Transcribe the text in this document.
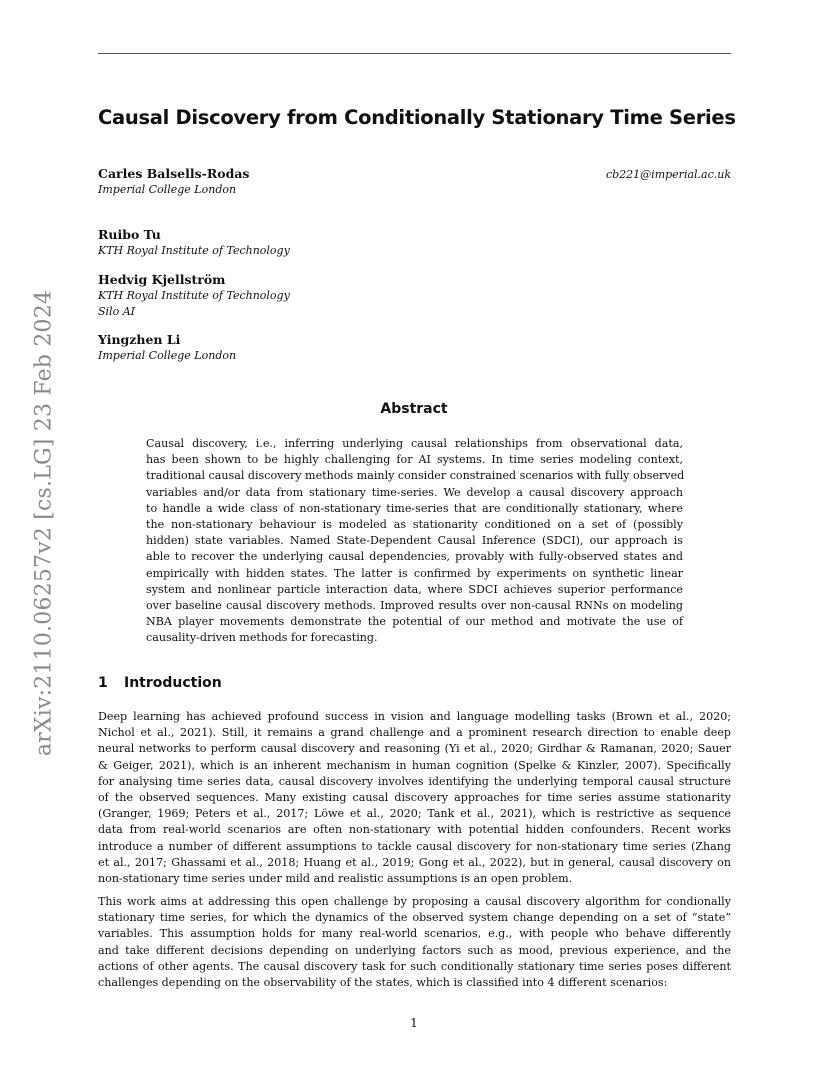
arXiv:2110.06257v2 [cs.LG] 23 Feb 2024
Causal Discovery from Conditionally Stationary Time Series
cb221@imperial.ac.uk
Carles Balsells-Rodas
Imperial College London
Ruibo Tu
KTH Royal Institute of Technology
Hedvig Kjellström
KTH Royal Institute of Technology
Silo AI
Yingzhen Li
Imperial College London
Abstract
Causal discovery, i.e., inferring underlying causal relationships from observational data,
has been shown to be highly challenging for AI systems. In time series modeling context,
traditional causal discovery methods mainly consider constrained scenarios with fully observed
variables and/or data from stationary time-series. We develop a causal discovery approach
to handle a wide class of non-stationary time-series that are conditionally stationary, where
the non-stationary behaviour is modeled as stationarity conditioned on a set of (possibly
hidden) state variables. Named State-Dependent Causal Inference (SDCI), our approach is
able to recover the underlying causal dependencies, provably with fully-observed states and
empirically with hidden states. The latter is confirmed by experiments on synthetic linear
system and nonlinear particle interaction data, where SDCI achieves superior performance
over baseline causal discovery methods. Improved results over non-causal RNNs on modeling
NBA player movements demonstrate the potential of our method and motivate the use of
causality-driven methods for forecasting.
1 Introduction
Deep learning has achieved profound success in vision and language modelling tasks (Brown et al., 2020;
Nichol et al., 2021). Still, it remains a grand challenge and a prominent research direction to enable deep
neural networks to perform causal discovery and reasoning (Yi et al., 2020; Girdhar & Ramanan, 2020; Sauer
& Geiger, 2021), which is an inherent mechanism in human cognition (Spelke & Kinzler, 2007). Specifically
for analysing time series data, causal discovery involves identifying the underlying temporal causal structure
of the observed sequences. Many existing causal discovery approaches for time series assume stationarity
(Granger, 1969; Peters et al., 2017; Löwe et al., 2020; Tank et al., 2021), which is restrictive as sequence
data from real-world scenarios are often non-stationary with potential hidden confounders. Recent works
introduce a number of different assumptions to tackle causal discovery for non-stationary time series (Zhang
et al., 2017; Ghassami et al., 2018; Huang et al., 2019; Gong et al., 2022), but in general, causal discovery on
non-stationary time series under mild and realistic assumptions is an open problem.
This work aims at addressing this open challenge by proposing a causal discovery algorithm for condionally
stationary time series, for which the dynamics of the observed system change depending on a set of “state”
variables. This assumption holds for many real-world scenarios, e.g., with people who behave differently
and take different decisions depending on underlying factors such as mood, previous experience, and the
actions of other agents. The causal discovery task for such conditionally stationary time series poses different
challenges depending on the observability of the states, which is classified into 4 different scenarios:
1
